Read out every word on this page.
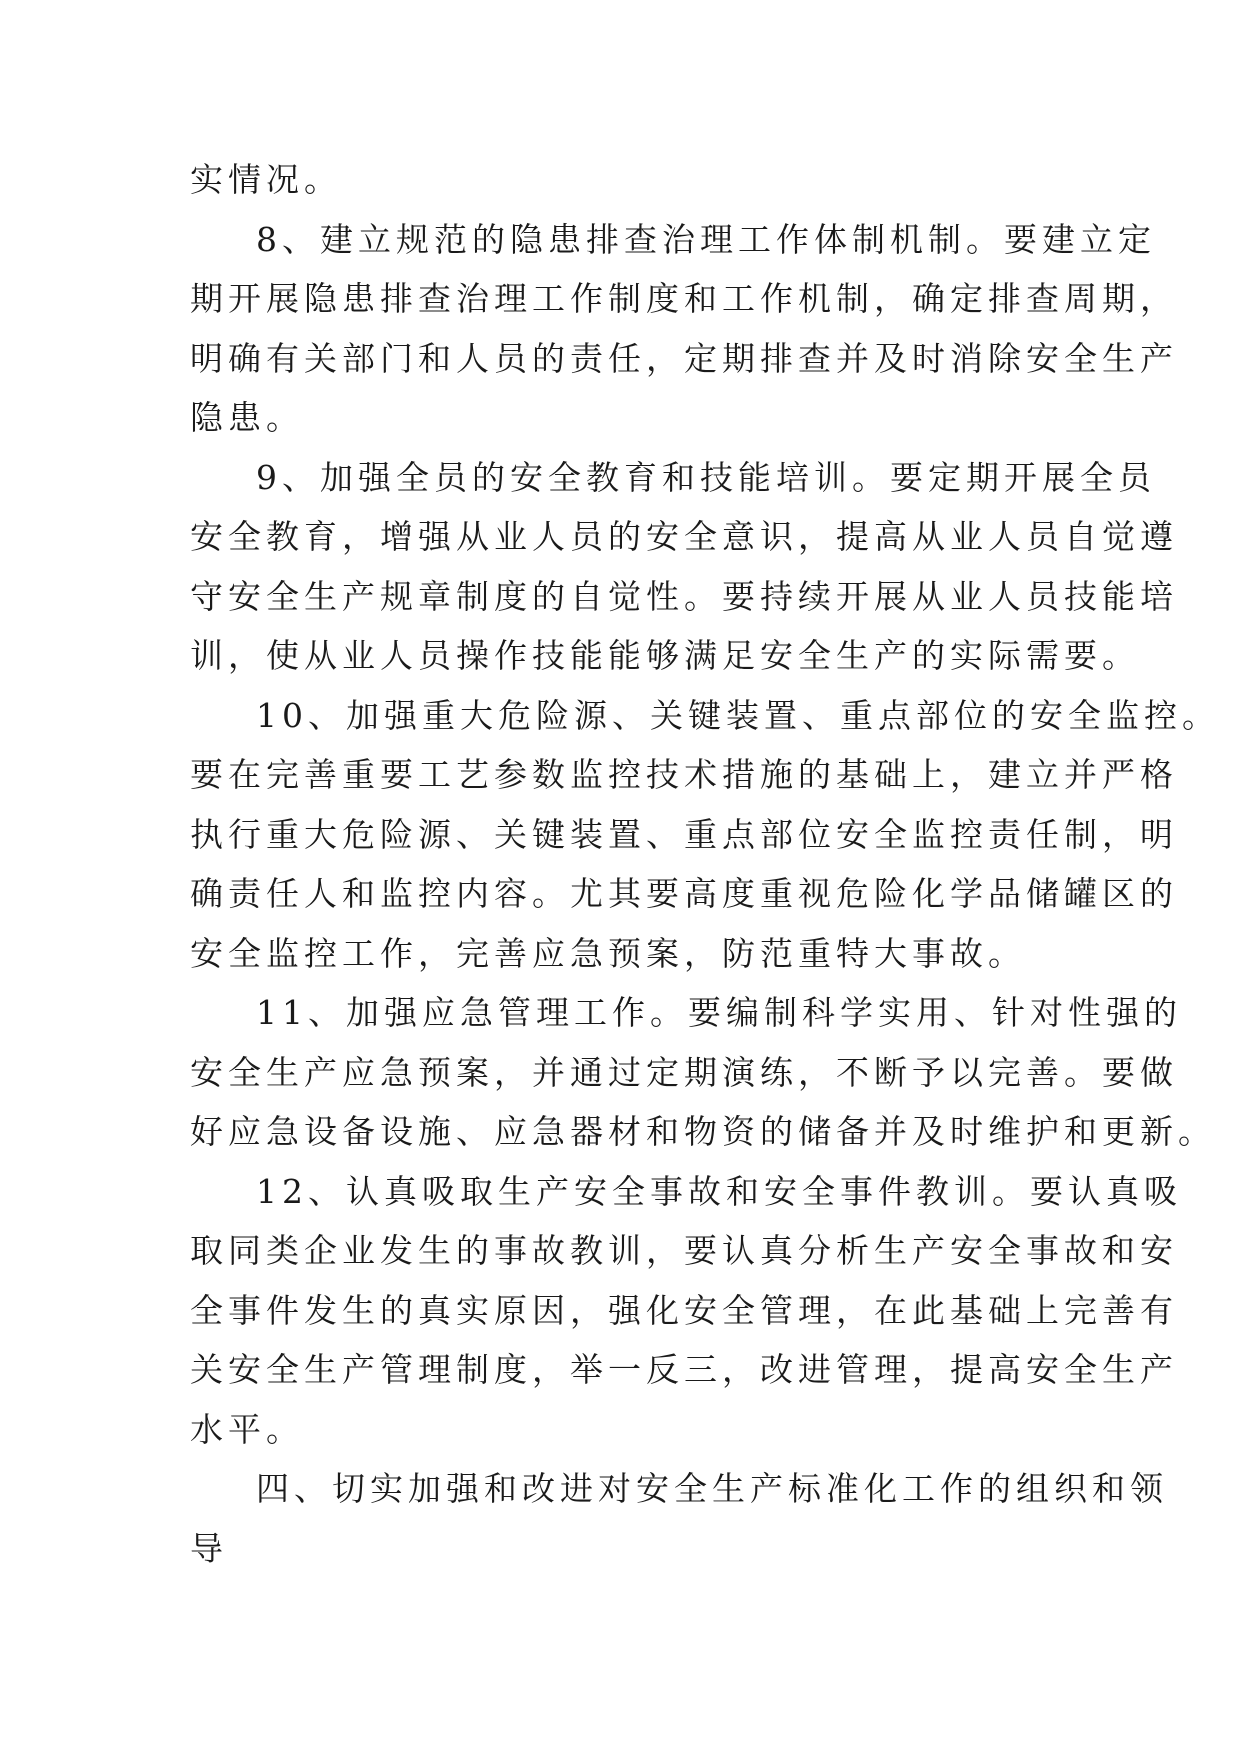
实情况。

8、建立规范的隐患排查治理工作体制机制。要建立定
期开展隐患排查治理工作制度和工作机制，确定排查周期，
明确有关部门和人员的责任，定期排查并及时消除安全生产
隐患。

9、加强全员的安全教育和技能培训。要定期开展全员
安全教育，增强从业人员的安全意识，提高从业人员自觉遵
守安全生产规章制度的自觉性。要持续开展从业人员技能培
训，使从业人员操作技能能够满足安全生产的实际需要。

10、加强重大危险源、关键装置、重点部位的安全监控。
要在完善重要工艺参数监控技术措施的基础上，建立并严格
执行重大危险源、关键装置、重点部位安全监控责任制，明
确责任人和监控内容。尤其要高度重视危险化学品储罐区的
安全监控工作，完善应急预案，防范重特大事故。

11、加强应急管理工作。要编制科学实用、针对性强的
安全生产应急预案，并通过定期演练，不断予以完善。要做
好应急设备设施、应急器材和物资的储备并及时维护和更新。

12、认真吸取生产安全事故和安全事件教训。要认真吸
取同类企业发生的事故教训，要认真分析生产安全事故和安
全事件发生的真实原因，强化安全管理，在此基础上完善有
关安全生产管理制度，举一反三，改进管理，提高安全生产
水平。

四、切实加强和改进对安全生产标准化工作的组织和领
导
